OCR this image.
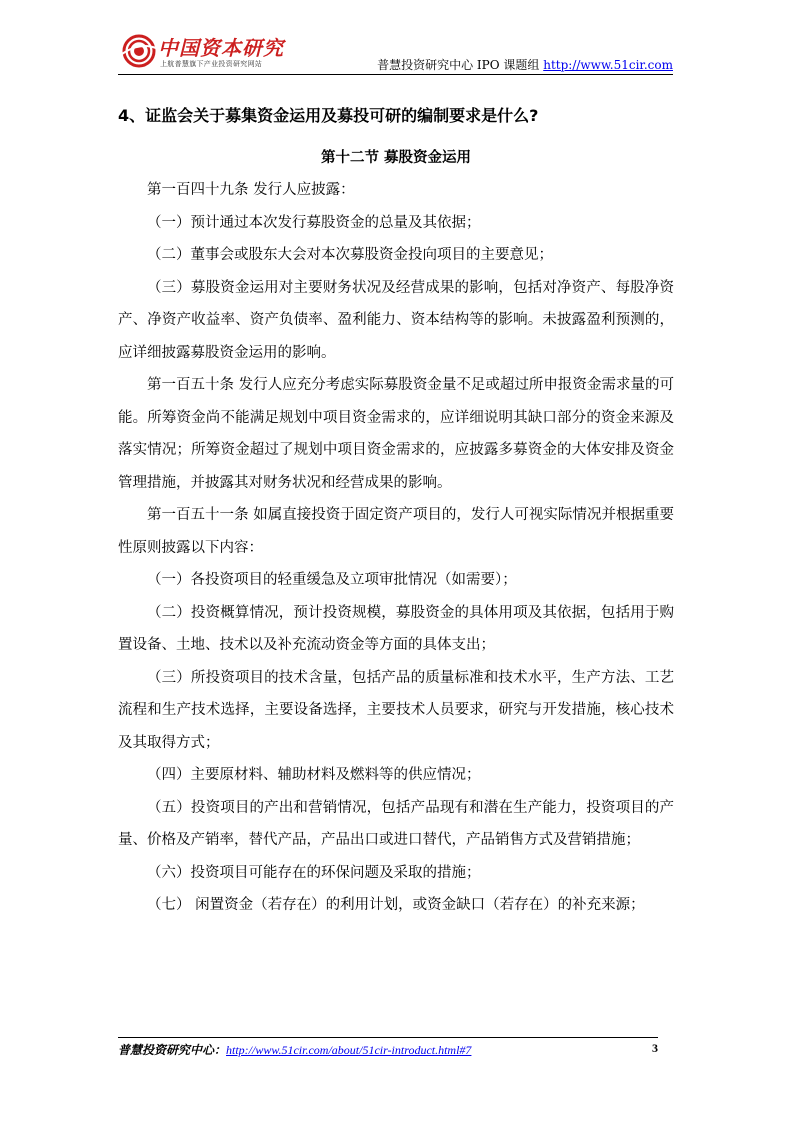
中国资本研究
上航普慧旗下产业投资研究网站	普慧投资研究中心 IPO 课题组 http://www.51cir.com
4、证监会关于募集资金运用及募投可研的编制要求是什么?
第十二节 募股资金运用

第一百四十九条 发行人应披露：

（一）预计通过本次发行募股资金的总量及其依据；

（二）董事会或股东大会对本次募股资金投向项目的主要意见；

（三）募股资金运用对主要财务状况及经营成果的影响，包括对净资产、每股净资产、净资产收益率、资产负债率、盈利能力、资本结构等的影响。未披露盈利预测的，应详细披露募股资金运用的影响。

第一百五十条 发行人应充分考虑实际募股资金量不足或超过所申报资金需求量的可能。所筹资金尚不能满足规划中项目资金需求的，应详细说明其缺口部分的资金来源及落实情况；所筹资金超过了规划中项目资金需求的，应披露多募资金的大体安排及资金管理措施，并披露其对财务状况和经营成果的影响。

第一百五十一条 如属直接投资于固定资产项目的，发行人可视实际情况并根据重要性原则披露以下内容：

（一）各投资项目的轻重缓急及立项审批情况（如需要）；

（二）投资概算情况，预计投资规模，募股资金的具体用项及其依据，包括用于购置设备、土地、技术以及补充流动资金等方面的具体支出；

（三）所投资项目的技术含量，包括产品的质量标准和技术水平，生产方法、工艺流程和生产技术选择，主要设备选择，主要技术人员要求，研究与开发措施，核心技术及其取得方式；

（四）主要原材料、辅助材料及燃料等的供应情况；

（五）投资项目的产出和营销情况，包括产品现有和潜在生产能力，投资项目的产量、价格及产销率，替代产品，产品出口或进口替代，产品销售方式及营销措施；

（六）投资项目可能存在的环保问题及采取的措施；

（七） 闲置资金（若存在）的利用计划，或资金缺口（若存在）的补充来源；

普慧投资研究中心：http://www.51cir.com/about/51cir-introduct.html#7	3
